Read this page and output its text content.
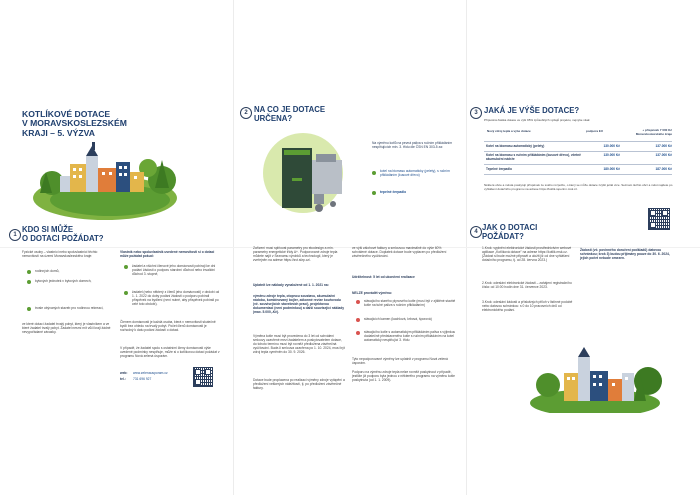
KOTLÍKOVÉ DOTACE
V MORAVSKOSLEZSKÉM
KRAJI – 5. VÝZVA
2 NA CO JE DOTACE
URČENA?
Na výměnu kotlů na pevná paliva s ručním přikládáním nesplňujících min. 3. třídu dle ČSN EN 303-5 za:
kotel na biomasu automaticky (pelety), s ručním přikládáním (kusové dřevo)
tepelné čerpadlo
3 JAKÁ JE VÝŠE DOTACE?
Přípustná částka dotace ve výši 95% způsobilých výdajů projektu, nejvýše však:
Nový zdroj tepla a výše dotace	podpora EU	+ příspěvek 7 000 Kč Moravskoslezského kraje
Kotel na biomasu automatický (pelety)	130.000 Kč	137.000 Kč
Kotel na biomasu s ručním přikládáním (kusové dřevo), včetně akumulační nádrže
130.000 Kč	137.000 Kč
Tepelné čerpadlo	180.000 Kč	187.000 Kč
Některé obce a města poskytují příspěvek ze svého rozpočtu, o který se může dotace zvýšit ještě více. Seznam těchto obcí a měst najdete po vyhlášení dotačního programu na adrese https://kotlik-ioperinn.msk.cz.
1
KDO SI MŮŽE
O DOTACI POŽÁDAT?
Fyzické osoby – vlastníci nebo spoluvlastníci těchto nemovitostí na území Moravskoslezského kraje:
rodinných domů,
bytových jednotek v bytových domech,
trvale obývaných staveb pro rodinnou rekreaci,
ve které dotací žadatel trvalý pobyt, který je vlastníkem a ve které žadatel trvalý pobyt. Žadatel nesmí mít vůči kraji žádné nevypořádané závazky.
Vlastník nebo spoluvlastník uvedené nemovitosti si o dotaci může požádat pokud:
žadatel a všichni členové jeho domácnosti pobírají ke dni podání žádosti o podporu starobní důchod nebo invalidní důchod 3. stupně,
žadatel (nebo některý z členů jeho domácnosti) v období od 1. 1. 2022 do doby podání žádosti o podporu pobírali příspěvek na bydlení (není nutné, aby příspěvek pobírali po celé toto období).
Členem domácnosti je každá osoba, která v nemovitosti skutečně bydlí bez ohledu na trvalý pobyt. Počet členů domácnosti je rozhodný k datu podání žádosti o dotaci.
V případě, že žadatel spolu s ostatními členy domácnosti výše uvedené podmínky nesplňuje, může si o kotlíkovou dotaci požádat v programu Nová zelená úsporám.
web:	www.zelenausporam.cz
tel.:	731 696 927
Zařízení musí splňovat parametry pro ekodesign a min. parametry energetické třídy A+. Podporované zdroje tepla můžete najít v Seznamu výrobků a technologií, který je zveřejněn na adrese https://svt.sfzp.cz/.
Uplatnit lze náklady vynaložené od 1. 1. 2021 na:
výměnu zdroje tepla, otopnou soustavu, akumulační nádobu, kombinovaný bojler, zákonné revize kouřovodu (vč. souvisejících stavebních prací), projektovou dokumentaci (není podmínkou) a další související náklady (max. 5.000,-Kč).
Výměna kotle musí být provedena do 3 let od schválení smlouvy uzavřené mezi žadatelem a poskytovatelem dotace, do tohoto termínu musí být rovněž předložena závěrečná vyúčtování. Bude-li smlouva uzavřena po 1. 10. 2024, musí být zdroj tepla vyměněn do 30. 9. 2026.
Dotace bude proplacena po realizaci výměny zdroje vytápění a předložení veškerých náležitostí, tj. po předložení závěrečné faktury.
ve výši zálohové faktury a smlouvou maximálně do výše 60% schválené dotace. Doplatek dotace bude vyplacen po předložení závěrečného vyúčtování.
Udržitelnost: 5 let od ukončení realizace
NELZE provádět výměnu:
stávajícího starého plynového kotle (musí být v zjištěné stavbě kotle na tuhé paliva s ručním přikládáním)
stávajících kamen (kachlová, krbová, šporová)
stávajícího kotle s automatickým přikládáním paliva s výjimkou dodatečně představeného kotle s ručním přikládáním na kotel automatický nesplňující 3. třídu
Tyto nepodporované výměny lze uplatnit v programu Nová zelená úsporám.
Podporu na výměnu zdroje tepla nelze rovněž poskytnout v případě, jestliže již podporu byla jednou z některého programu na výměnu kotle poskytnuta (od 1. 1. 2009).
4 JAK O DOTACI
POŽÁDAT?
1.Krok: vyplnění elektronické žádosti prostřednictvím webové aplikace „Kotlíková dotace" na adrese https://kotlik.msk.cz. (Žádost si bude možné připravit a uložit již od dne vyhlášení dotačního programu, tj. od 28. června 2023.)
2.Krok: odeslání elektronické žádosti – zahájení registračního čísla: od 10:00 hodin dne 31. července 2023.
3.Krok: odeslání žádosti a příslušných příloh v listinné podobě nebo datovou schránkou: s 0 do 10 pracovních dnů od elektronického podání.
Žádosti (vč. povinného doručení podkladů) datovou schránkou; krok 3) budou přijímány pouze do 30. 6. 2024, jejich počet nebude omezen.
